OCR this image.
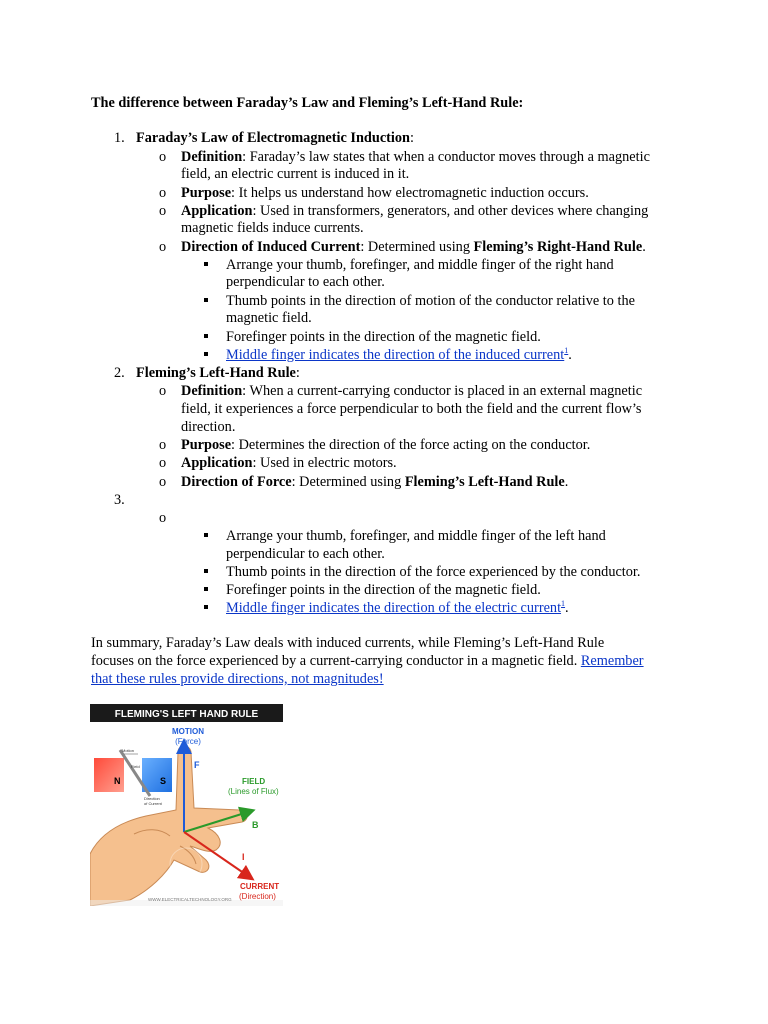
The difference between Faraday’s Law and Fleming’s Left-Hand Rule:
1. Faraday’s Law of Electromagnetic Induction:
o Definition: Faraday’s law states that when a conductor moves through a magnetic
field, an electric current is induced in it.
o Purpose: It helps us understand how electromagnetic induction occurs.
o Application: Used in transformers, generators, and other devices where changing
magnetic fields induce currents.
o Direction of Induced Current: Determined using Fleming’s Right-Hand Rule.
Arrange your thumb, forefinger, and middle finger of the right hand
perpendicular to each other.
Thumb points in the direction of motion of the conductor relative to the
magnetic field.
Forefinger points in the direction of the magnetic field.
Middle finger indicates the direction of the induced current$^1$.
2. Fleming’s Left-Hand Rule:
o Definition: When a current-carrying conductor is placed in an external magnetic
field, it experiences a force perpendicular to both the field and the current flow’s
direction.
o Purpose: Determines the direction of the force acting on the conductor.
o Application: Used in electric motors.
o Direction of Force: Determined using Fleming’s Left-Hand Rule.
3.
o
Arrange your thumb, forefinger, and middle finger of the left hand
perpendicular to each other.
Thumb points in the direction of the force experienced by the conductor.
Forefinger points in the direction of the magnetic field.
Middle finger indicates the direction of the electric current$^1$.
In summary, Faraday’s Law deals with induced currents, while Fleming’s Left-Hand Rule
focuses on the force experienced by a current-carrying conductor in a magnetic field. Remember
that these rules provide directions, not magnitudes!
FLEMING'S LEFT HAND RULE
N	S
Motion
Field
Direction
of Current
F
MOTION
(Force)
B
FIELD
(Lines of Flux)
I
CURRENT
(Direction)
WWW.ELECTRICALTECHNOLOGY.ORG
